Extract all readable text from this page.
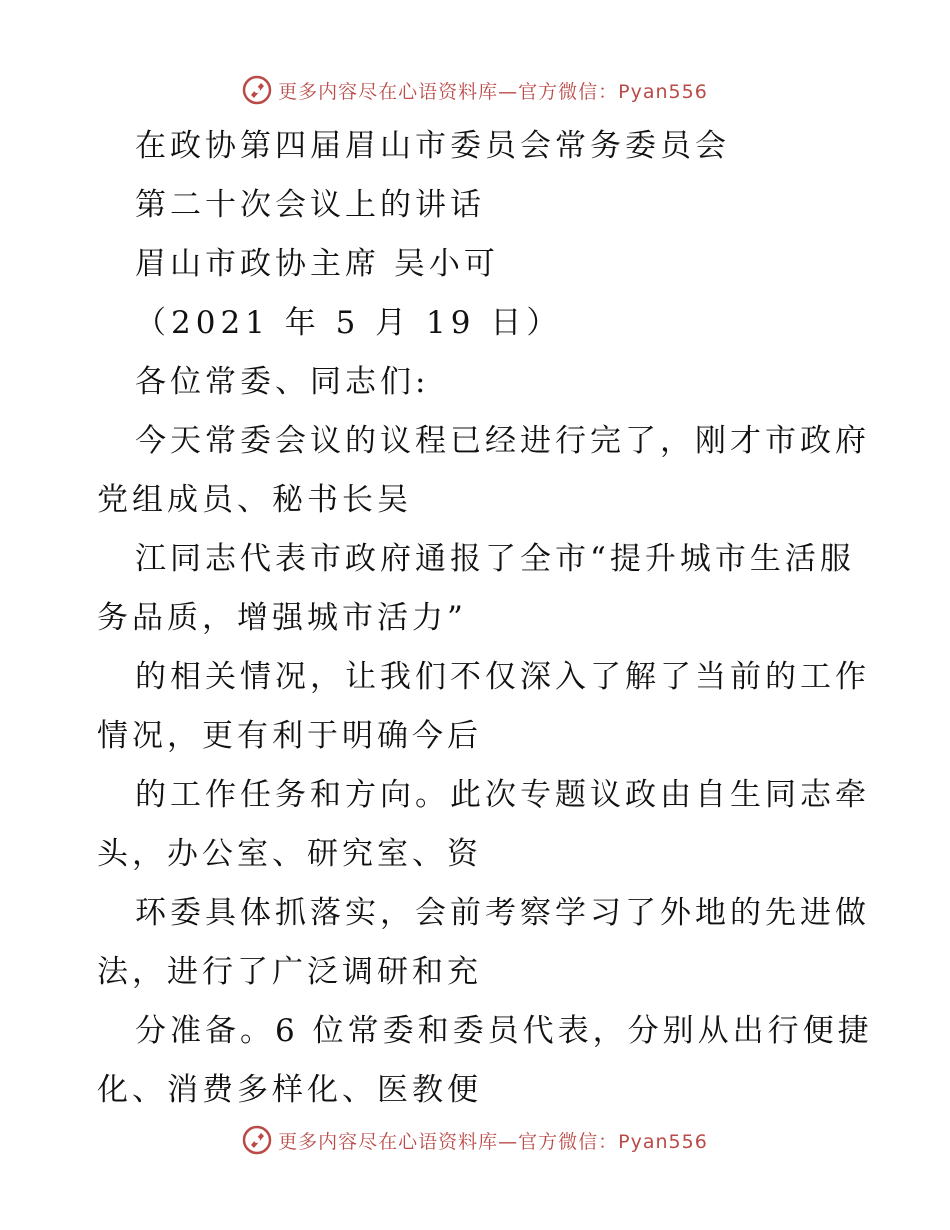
更多内容尽在心语资料库—官方微信：Pyan556
在政协第四届眉山市委员会常务委员会
第二十次会议上的讲话
眉山市政协主席 吴小可
（2021 年 5 月 19 日）
各位常委、同志们:
今天常委会议的议程已经进行完了，刚才市政府
党组成员、秘书长吴
江同志代表市政府通报了全市“提升城市生活服
务品质，增强城市活力”
的相关情况，让我们不仅深入了解了当前的工作
情况，更有利于明确今后
的工作任务和方向。此次专题议政由自生同志牵
头，办公室、研究室、资
环委具体抓落实，会前考察学习了外地的先进做
法，进行了广泛调研和充
分准备。6 位常委和委员代表，分别从出行便捷
化、消费多样化、医教便
更多内容尽在心语资料库—官方微信：Pyan556
